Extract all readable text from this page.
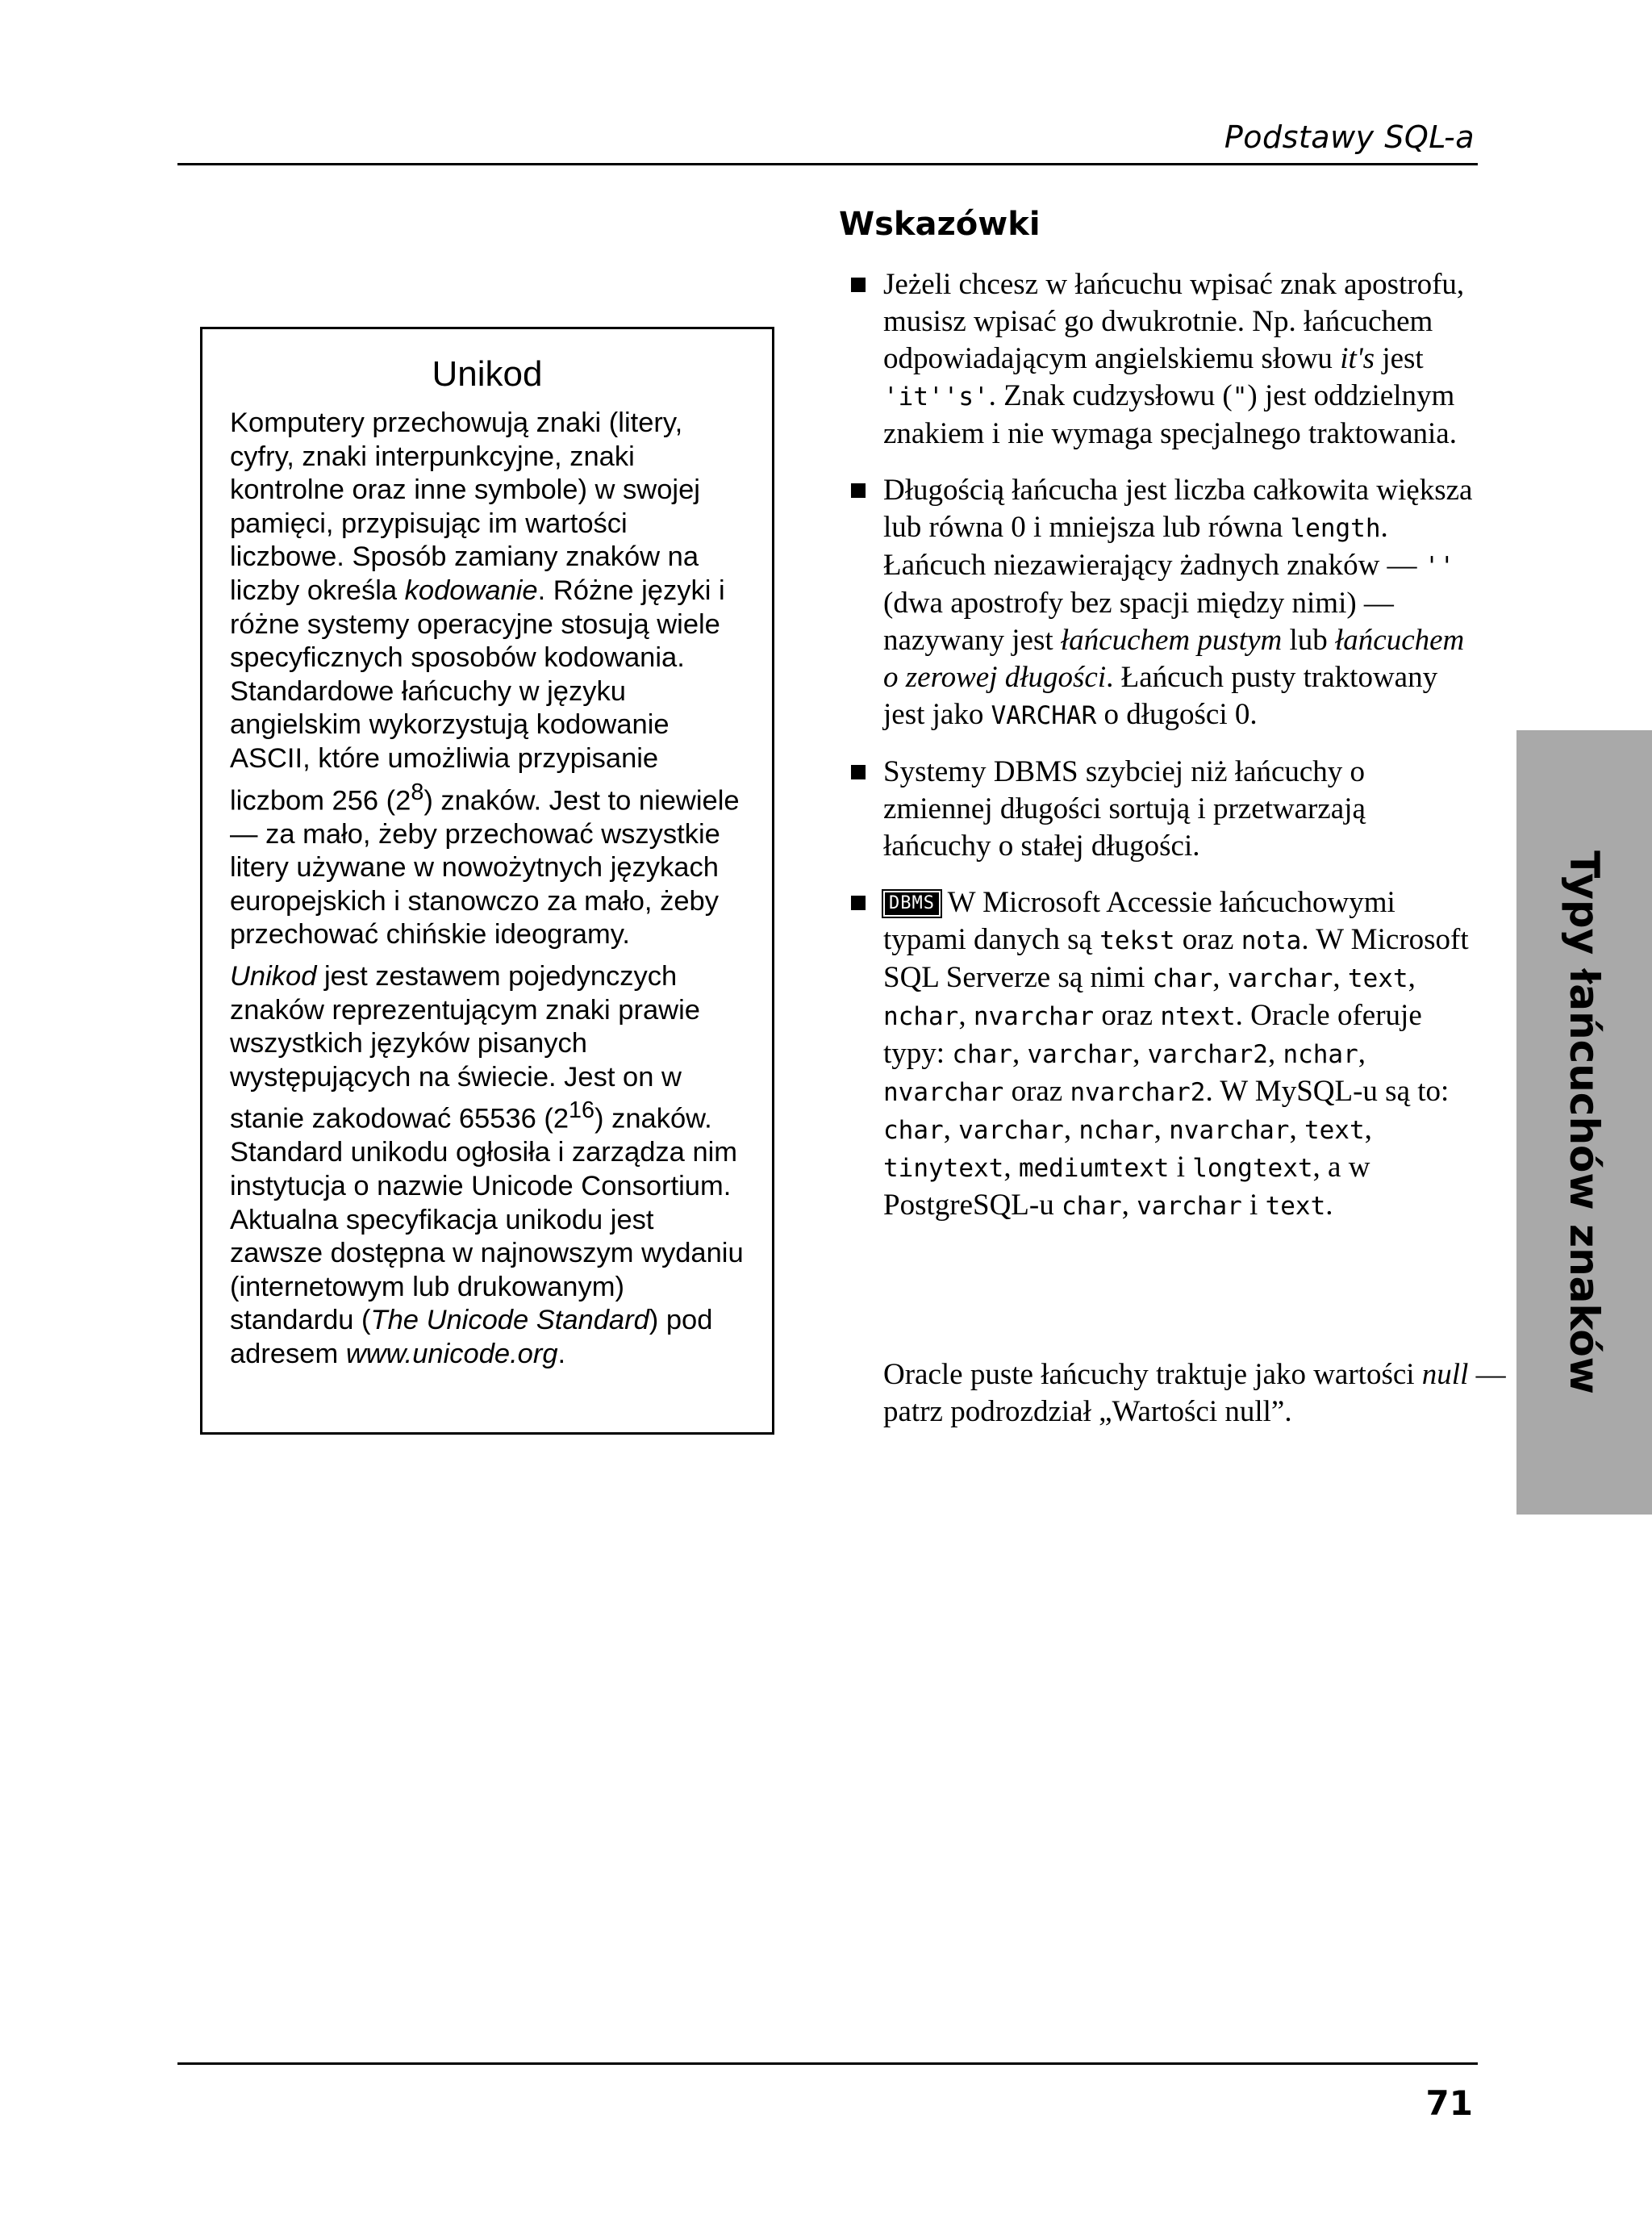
Podstawy SQL-a
Unikod

Komputery przechowują znaki (litery, cyfry, znaki interpunkcyjne, znaki kontrolne oraz inne symbole) w swojej pamięci, przypisując im wartości liczbowe. Sposób zamiany znaków na liczby określa kodowanie. Różne języki i różne systemy operacyjne stosują wiele specyficznych sposobów kodowania. Standardowe łańcuchy w języku angielskim wykorzystują kodowanie ASCII, które umożliwia przypisanie liczbom 256 $(2^8)$ znaków. Jest to niewiele — za mało, żeby przechować wszystkie litery używane w nowożytnych językach europejskich i stanowczo za mało, żeby przechować chińskie ideogramy.

Unikod jest zestawem pojedynczych znaków reprezentującym znaki prawie wszystkich języków pisanych występujących na świecie. Jest on w stanie zakodować 65536 $(2^{16})$ znaków. Standard unikodu ogłosiła i zarządza nim instytucja o nazwie Unicode Consortium. Aktualna specyfikacja unikodu jest zawsze dostępna w najnowszym wydaniu (internetowym lub drukowanym) standardu (The Unicode Standard) pod adresem www.unicode.org.

Wskazówki
Jeżeli chcesz w łańcuchu wpisać znak apostrofu, musisz wpisać go dwukrotnie. Np. łańcuchem odpowiadającym angielskiemu słowu it's jest 'it''s'. Znak cudzysłowu (") jest oddzielnym znakiem i nie wymaga specjalnego traktowania.
Długością łańcucha jest liczba całkowita większa lub równa 0 i mniejsza lub równa length. Łańcuch niezawierający żadnych znaków — '' (dwa apostrofy bez spacji między nimi) — nazywany jest łańcuchem pustym lub łańcuchem o zerowej długości. Łańcuch pusty traktowany jest jako VARCHAR o długości 0.
Systemy DBMS szybciej niż łańcuchy o zmiennej długości sortują i przetwarzają łańcuchy o stałej długości.
DBMS W Microsoft Accessie łańcuchowymi typami danych są tekst oraz nota. W Microsoft SQL Serverze są nimi char, varchar, text, nchar, nvarchar oraz ntext. Oracle oferuje typy: char, varchar, varchar2, nchar, nvarchar oraz nvarchar2. W MySQL-u są to: char, varchar, nchar, nvarchar, text, tinytext, mediumtext i longtext, a w PostgreSQL-u char, varchar i text.
Oracle puste łańcuchy traktuje jako wartości null — patrz podrozdział „Wartości null”.
Typy łańcuchów znaków
71
